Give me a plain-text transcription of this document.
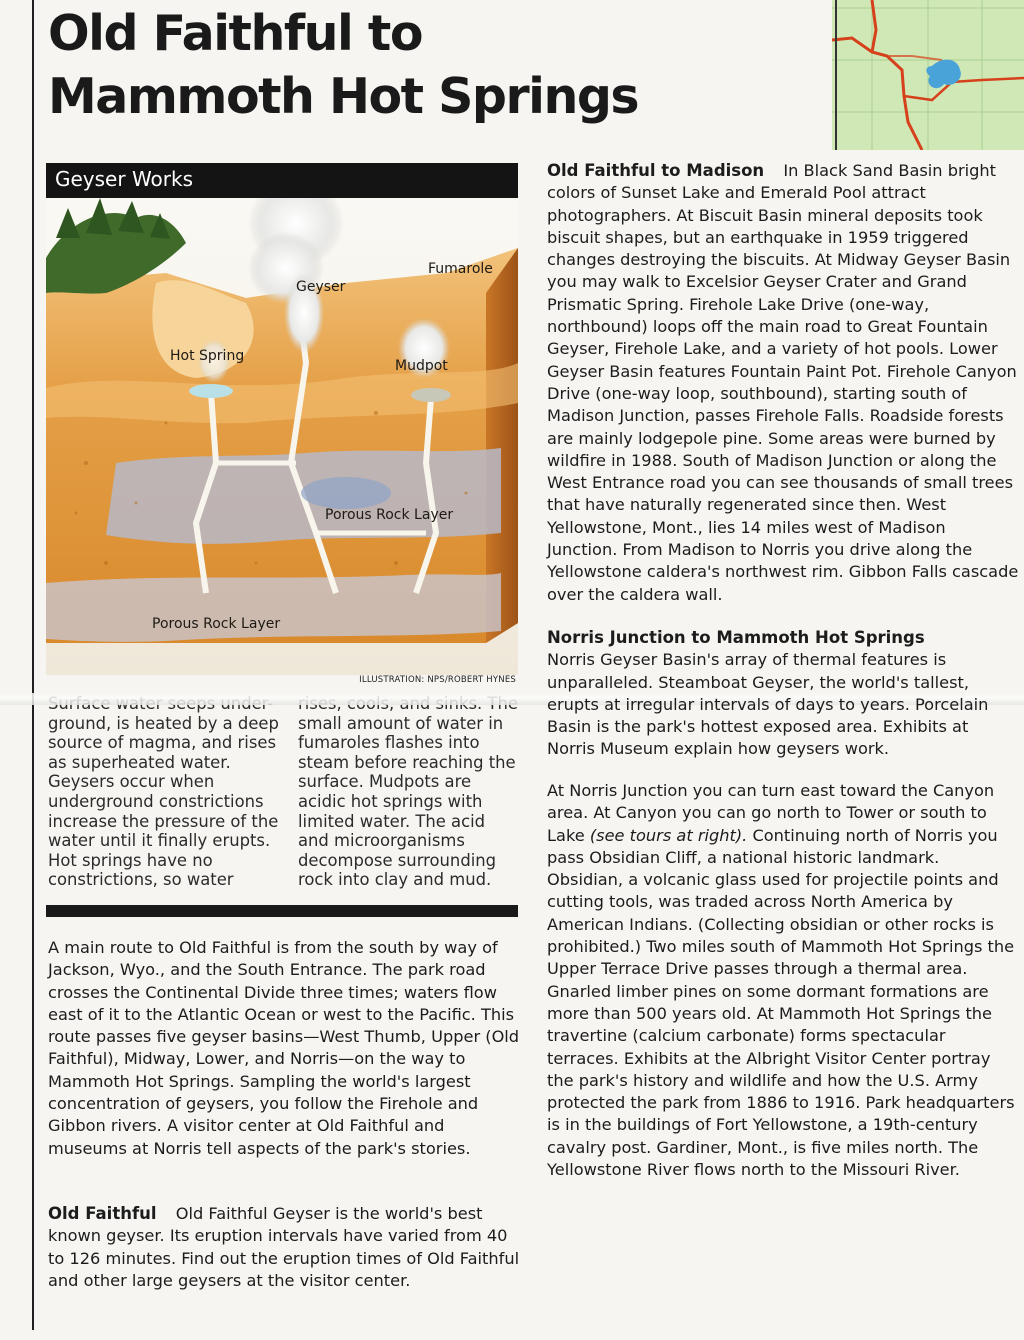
Old Faithful to
Mammoth Hot Springs
Geyser Works
Geyser
Fumarole
Hot Spring
Mudpot
Porous Rock Layer
Porous Rock Layer
ILLUSTRATION: NPS/ROBERT HYNES
ground, is heated by a deep source of magma, and rises as superheated water. Geysers occur when underground constrictions increase the pressure of the water until it finally erupts. Hot springs have no constrictions, so water
small amount of water in fumaroles flashes into steam before reaching the surface. Mudpots are acidic hot springs with limited water. The acid and microorganisms decompose surrounding rock into clay and mud.

A main route to Old Faithful is from the south by way of Jackson, Wyo., and the South Entrance. The park road crosses the Continental Divide three times; waters flow east of it to the Atlantic Ocean or west to the Pacific. This route passes five geyser basins—West Thumb, Upper (Old Faithful), Midway, Lower, and Norris—on the way to Mammoth Hot Springs. Sampling the world's largest concentration of geysers, you follow the Firehole and Gibbon rivers. A visitor center at Old Faithful and museums at Norris tell aspects of the park's stories.

Old Faithful Old Faithful Geyser is the world's best known geyser. Its eruption intervals have varied from 40 to 126 minutes. Find out the eruption times of Old Faithful and other large geysers at the visitor center.

Old Faithful to Madison In Black Sand Basin bright colors of Sunset Lake and Emerald Pool attract photographers. At Biscuit Basin mineral deposits took biscuit shapes, but an earthquake in 1959 triggered changes destroying the biscuits. At Midway Geyser Basin you may walk to Excelsior Geyser Crater and Grand Prismatic Spring. Firehole Lake Drive (one-way, northbound) loops off the main road to Great Fountain Geyser, Firehole Lake, and a variety of hot pools. Lower Geyser Basin features Fountain Paint Pot. Firehole Canyon Drive (one-way loop, southbound), starting south of Madison Junction, passes Firehole Falls. Roadside forests are mainly lodgepole pine. Some areas were burned by wildfire in 1988. South of Madison Junction or along the West Entrance road you can see thousands of small trees that have naturally regenerated since then. West Yellowstone, Mont., lies 14 miles west of Madison Junction. From Madison to Norris you drive along the Yellowstone caldera's northwest rim. Gibbon Falls cascade over the caldera wall.

Norris Junction to Mammoth Hot Springs
Norris Geyser Basin's array of thermal features is unparalleled. Steamboat Geyser, the world's tallest, erupts at irregular intervals of days to years. Porcelain Basin is the park's hottest exposed area. Exhibits at Norris Museum explain how geysers work.

At Norris Junction you can turn east toward the Canyon area. At Canyon you can go north to Tower or south to Lake (see tours at right). Continuing north of Norris you pass Obsidian Cliff, a national historic landmark. Obsidian, a volcanic glass used for projectile points and cutting tools, was traded across North America by American Indians. (Collecting obsidian or other rocks is prohibited.) Two miles south of Mammoth Hot Springs the Upper Terrace Drive passes through a thermal area. Gnarled limber pines on some dormant formations are more than 500 years old. At Mammoth Hot Springs the travertine (calcium carbonate) forms spectacular terraces. Exhibits at the Albright Visitor Center portray the park's history and wildlife and how the U.S. Army protected the park from 1886 to 1916. Park headquarters is in the buildings of Fort Yellowstone, a 19th-century cavalry post. Gardiner, Mont., is five miles north. The Yellowstone River flows north to the Missouri River.
